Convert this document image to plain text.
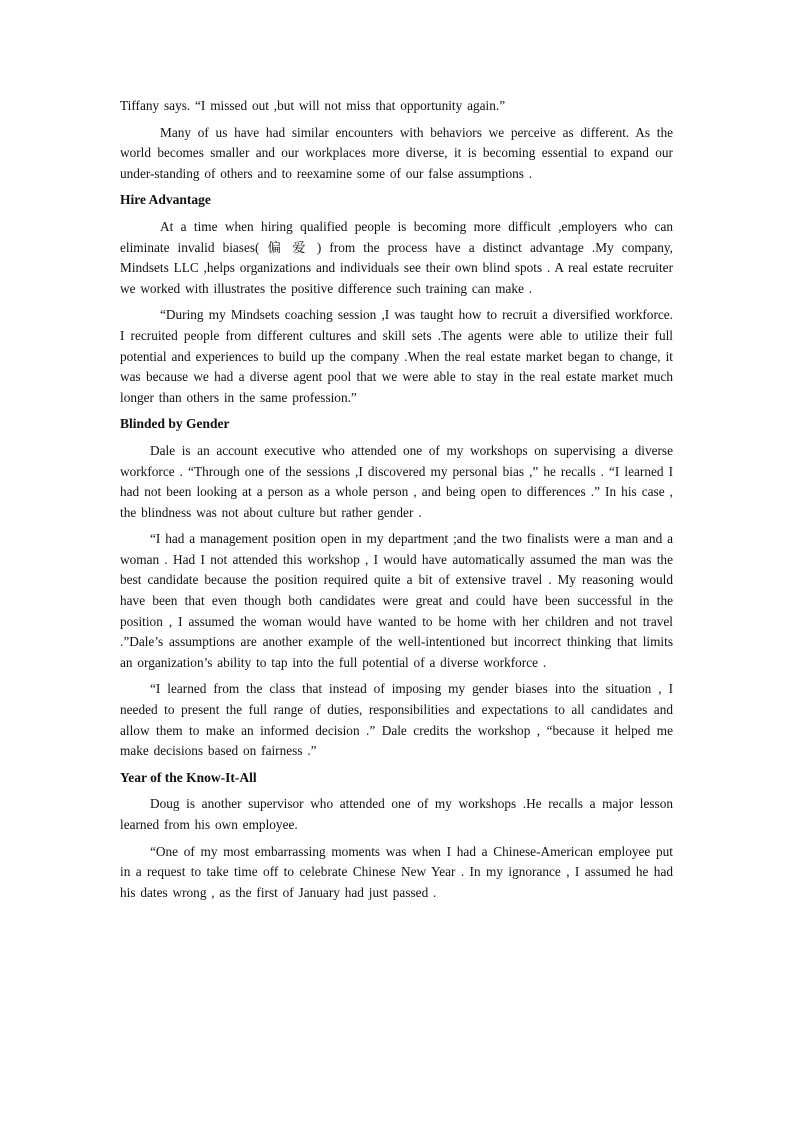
Tiffany says. “I missed out ,but will not miss that opportunity again.”

Many of us have had similar encounters with behaviors we perceive as different. As the world becomes smaller and our workplaces more diverse, it is becoming essential to expand our under-standing of others and to reexamine some of our false assumptions .

Hire Advantage

At a time when hiring qualified people is becoming more difficult ,employers who can eliminate invalid biases( 偏 爱 ) from the process have a distinct advantage .My company, Mindsets LLC ,helps organizations and individuals see their own blind spots . A real estate recruiter we worked with illustrates the positive difference such training can make .

“During my Mindsets coaching session ,I was taught how to recruit a diversified workforce. I recruited people from different cultures and skill sets .The agents were able to utilize their full potential and experiences to build up the company .When the real estate market began to change, it was because we had a diverse agent pool that we were able to stay in the real estate market much longer than others in the same profession.”

Blinded by Gender

Dale is an account executive who attended one of my workshops on supervising a diverse workforce . “Through one of the sessions ,I discovered my personal bias ,” he recalls . “I learned I had not been looking at a person as a whole person , and being open to differences .” In his case , the blindness was not about culture but rather gender .

“I had a management position open in my department ;and the two finalists were a man and a woman . Had I not attended this workshop , I would have automatically assumed the man was the best candidate because the position required quite a bit of extensive travel . My reasoning would have been that even though both candidates were great and could have been successful in the position , I assumed the woman would have wanted to be home with her children and not travel .”Dale’s assumptions are another example of the well-intentioned but incorrect thinking that limits an organization’s ability to tap into the full potential of a diverse workforce .

“I learned from the class that instead of imposing my gender biases into the situation , I needed to present the full range of duties, responsibilities and expectations to all candidates and allow them to make an informed decision .” Dale credits the workshop , “because it helped me make decisions based on fairness .”

Year of the Know-It-All

Doug is another supervisor who attended one of my workshops .He recalls a major lesson learned from his own employee.

“One of my most embarrassing moments was when I had a Chinese-American employee put in a request to take time off to celebrate Chinese New Year . In my ignorance , I assumed he had his dates wrong , as the first of January had just passed .
